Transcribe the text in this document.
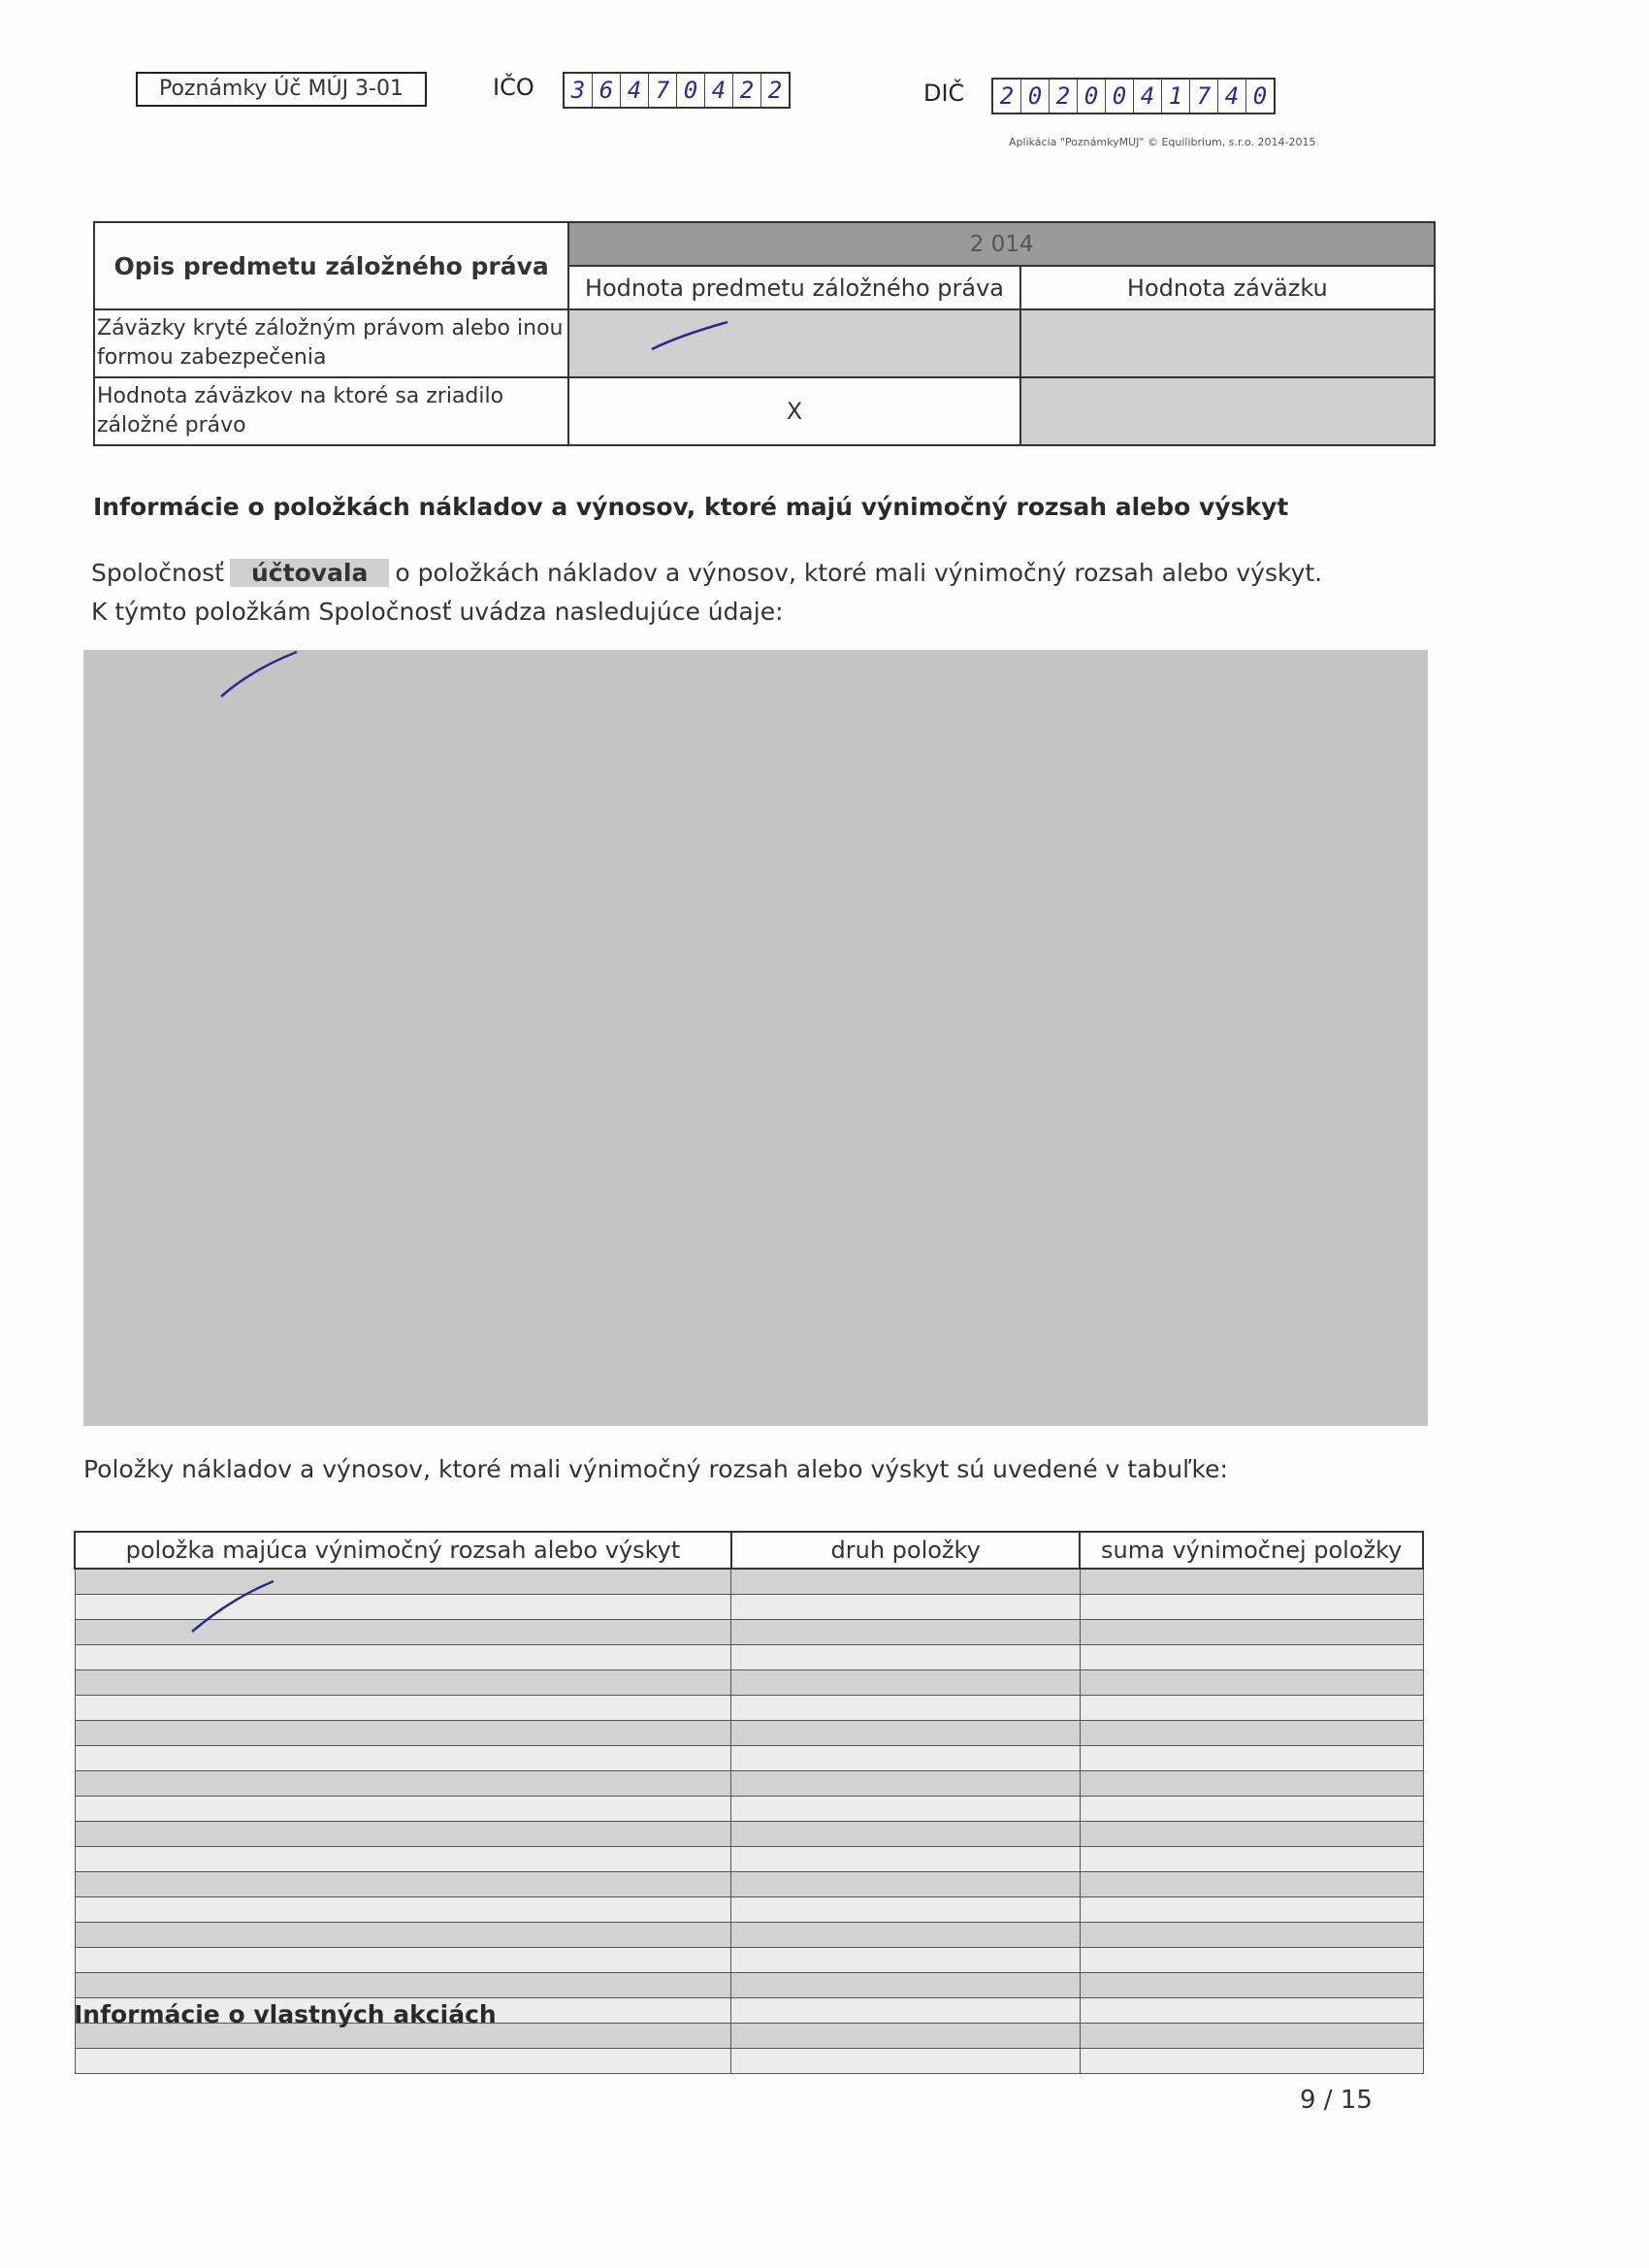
Poznámky Úč MÚJ 3-01	IČO 3 6 4 7 0 4 2 2	DIČ 2 0 2 0 0 4 1 7 4 0
Aplikácia "PoznámkyMUJ" © Equilibrium, s.r.o. 2014-2015
Opis predmetu záložného práva	2 014	
	Hodnota predmetu záložného práva	Hodnota záväzku
Záväzky kryté záložným právom alebo inou formou zabezpečenia		
Hodnota záväzkov na ktoré sa zriadilo záložné právo	X	
Informácie o položkách nákladov a výnosov, ktoré majú výnimočný rozsah alebo výskyt
Spoločnosť účtovala o položkách nákladov a výnosov, ktoré mali výnimočný rozsah alebo výskyt.
K týmto položkám Spoločnosť uvádza nasledujúce údaje:
Položky nákladov a výnosov, ktoré mali výnimočný rozsah alebo výskyt sú uvedené v tabuľke:
položka majúca výnimočný rozsah alebo výskyt	druh položky	suma výnimočnej položky

Informácie o vlastných akciách
9 / 15
